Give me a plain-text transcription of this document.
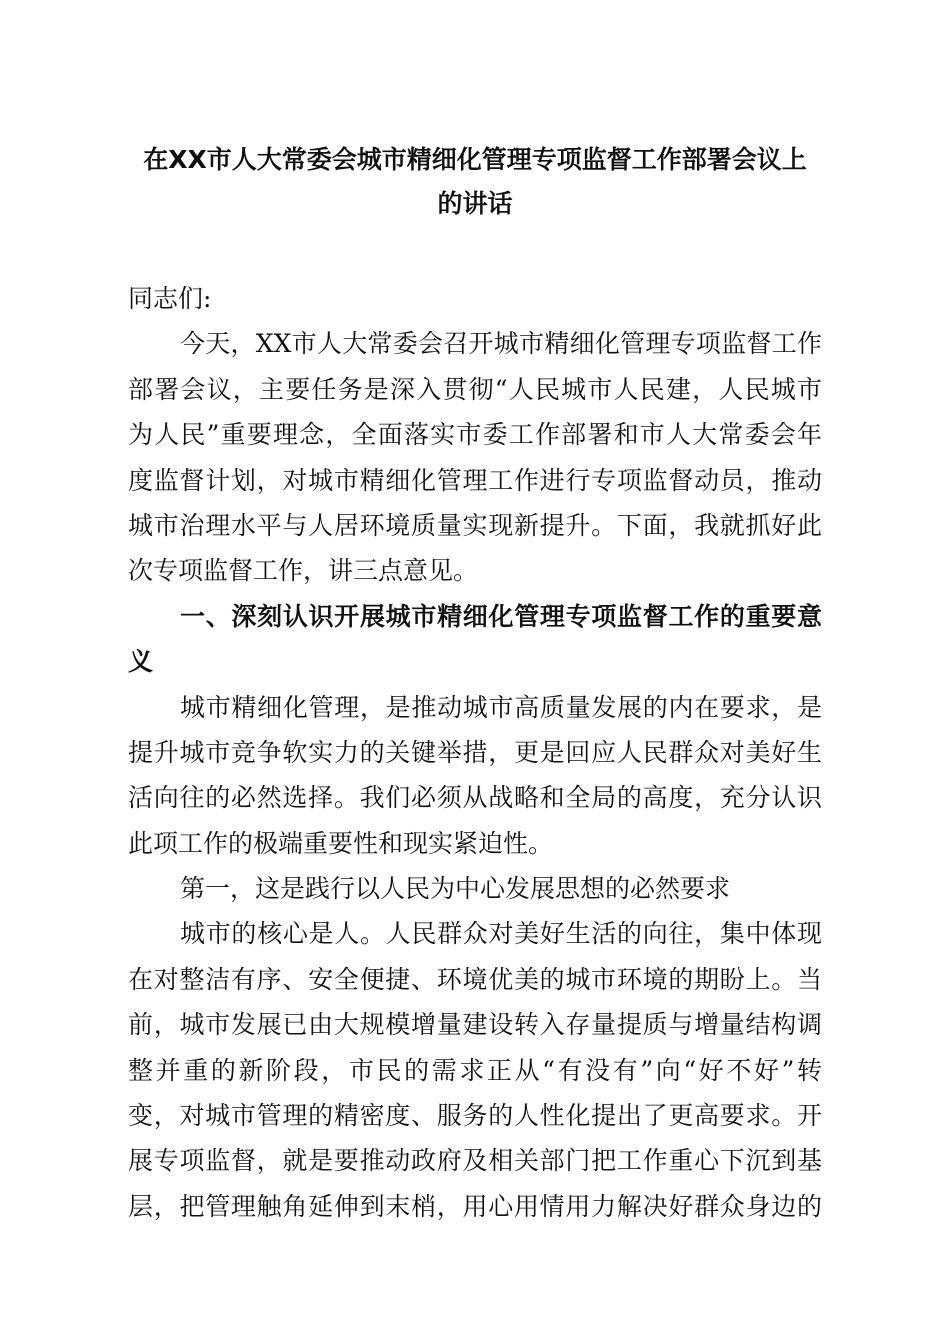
在XX市人大常委会城市精细化管理专项监督工作部署会议上
的讲话
同志们:
今天，XX市人大常委会召开城市精细化管理专项监督工作
部署会议，主要任务是深入贯彻“人民城市人民建，人民城市
为人民”重要理念，全面落实市委工作部署和市人大常委会年
度监督计划，对城市精细化管理工作进行专项监督动员，推动
城市治理水平与人居环境质量实现新提升。下面，我就抓好此
次专项监督工作，讲三点意见。
一、深刻认识开展城市精细化管理专项监督工作的重要意
义
城市精细化管理，是推动城市高质量发展的内在要求，是
提升城市竞争软实力的关键举措，更是回应人民群众对美好生
活向往的必然选择。我们必须从战略和全局的高度，充分认识
此项工作的极端重要性和现实紧迫性。
第一，这是践行以人民为中心发展思想的必然要求
城市的核心是人。人民群众对美好生活的向往，集中体现
在对整洁有序、安全便捷、环境优美的城市环境的期盼上。当
前，城市发展已由大规模增量建设转入存量提质与增量结构调
整并重的新阶段，市民的需求正从“有没有”向“好不好”转
变，对城市管理的精密度、服务的人性化提出了更高要求。开
展专项监督，就是要推动政府及相关部门把工作重心下沉到基
层，把管理触角延伸到末梢，用心用情用力解决好群众身边的
